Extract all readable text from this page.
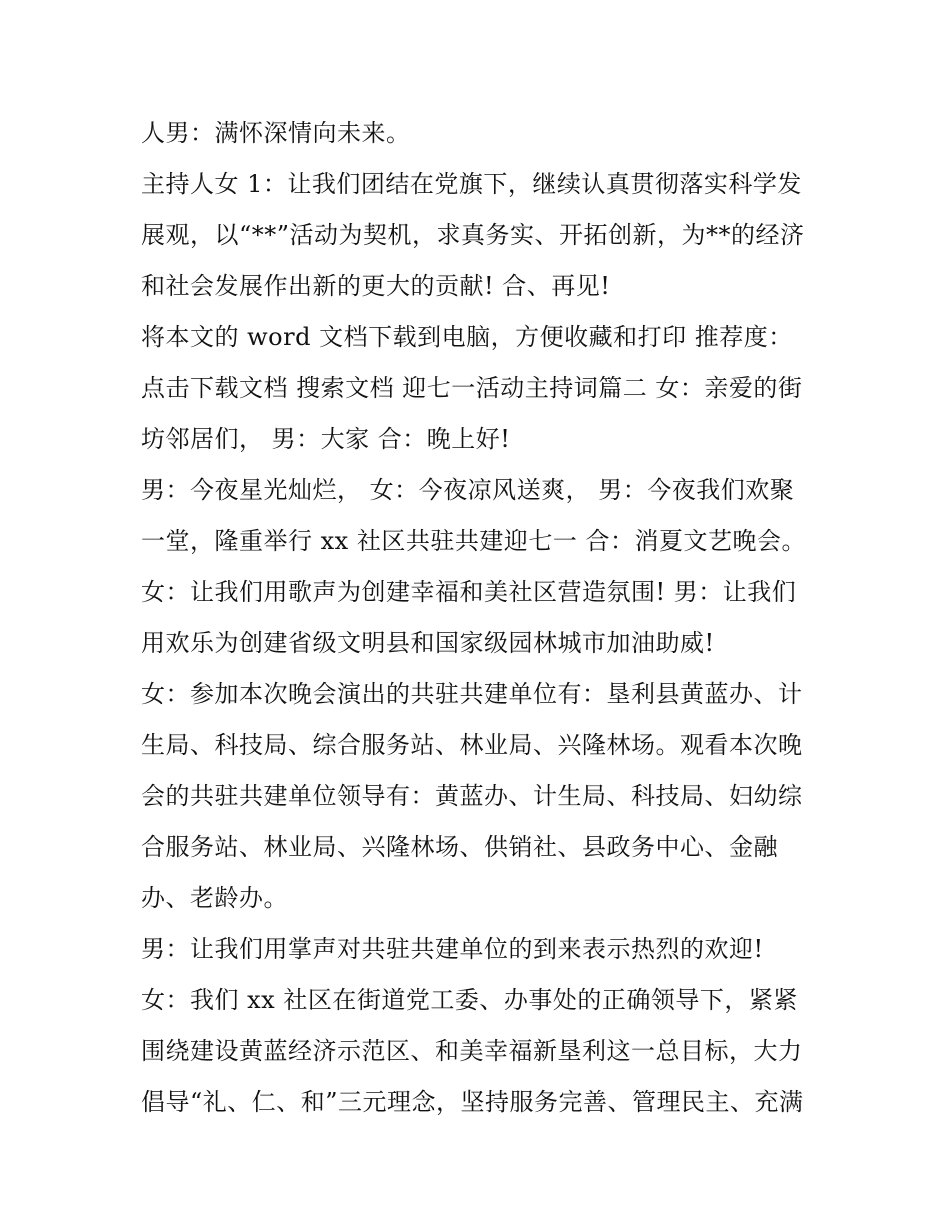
人男：满怀深情向未来。
主持人女 1：让我们团结在党旗下，继续认真贯彻落实科学发
展观，以“**”活动为契机，求真务实、开拓创新，为**的经济
和社会发展作出新的更大的贡献! 合、再见!
将本文的 word 文档下载到电脑，方便收藏和打印 推荐度：
点击下载文档 搜索文档 迎七一活动主持词篇二 女：亲爱的街
坊邻居们， 男：大家 合：晚上好!
男：今夜星光灿烂， 女：今夜凉风送爽， 男：今夜我们欢聚
一堂，隆重举行 xx 社区共驻共建迎七一 合：消夏文艺晚会。
女：让我们用歌声为创建幸福和美社区营造氛围! 男：让我们
用欢乐为创建省级文明县和国家级园林城市加油助威!
女：参加本次晚会演出的共驻共建单位有：垦利县黄蓝办、计
生局、科技局、综合服务站、林业局、兴隆林场。观看本次晚
会的共驻共建单位领导有：黄蓝办、计生局、科技局、妇幼综
合服务站、林业局、兴隆林场、供销社、县政务中心、金融
办、老龄办。
男：让我们用掌声对共驻共建单位的到来表示热烈的欢迎!
女：我们 xx 社区在街道党工委、办事处的正确领导下，紧紧
围绕建设黄蓝经济示范区、和美幸福新垦利这一总目标，大力
倡导“礼、仁、和”三元理念，坚持服务完善、管理民主、充满
